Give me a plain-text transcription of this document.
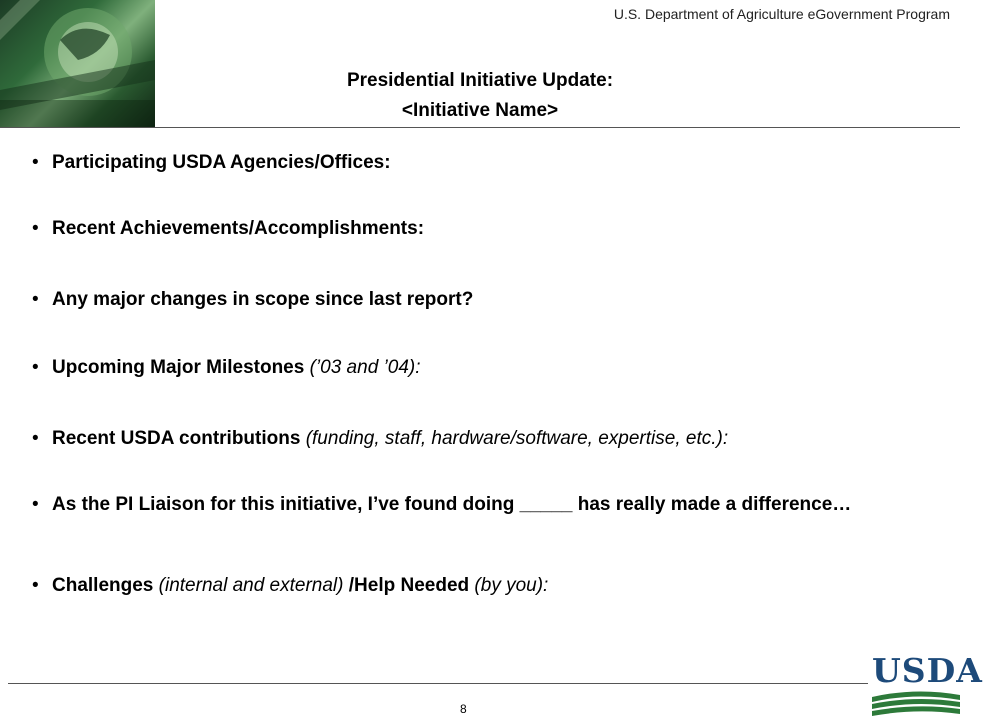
U.S. Department of Agriculture eGovernment Program
Presidential Initiative Update:
<Initiative Name>
• Participating USDA Agencies/Offices:
• Recent Achievements/Accomplishments:
• Any major changes in scope since last report?
• Upcoming Major Milestones (’03 and ’04):
• Recent USDA contributions (funding, staff, hardware/software, expertise, etc.):
• As the PI Liaison for this initiative, I’ve found doing _____ has really made a difference…
• Challenges (internal and external) /Help Needed (by you):
8
USDA
